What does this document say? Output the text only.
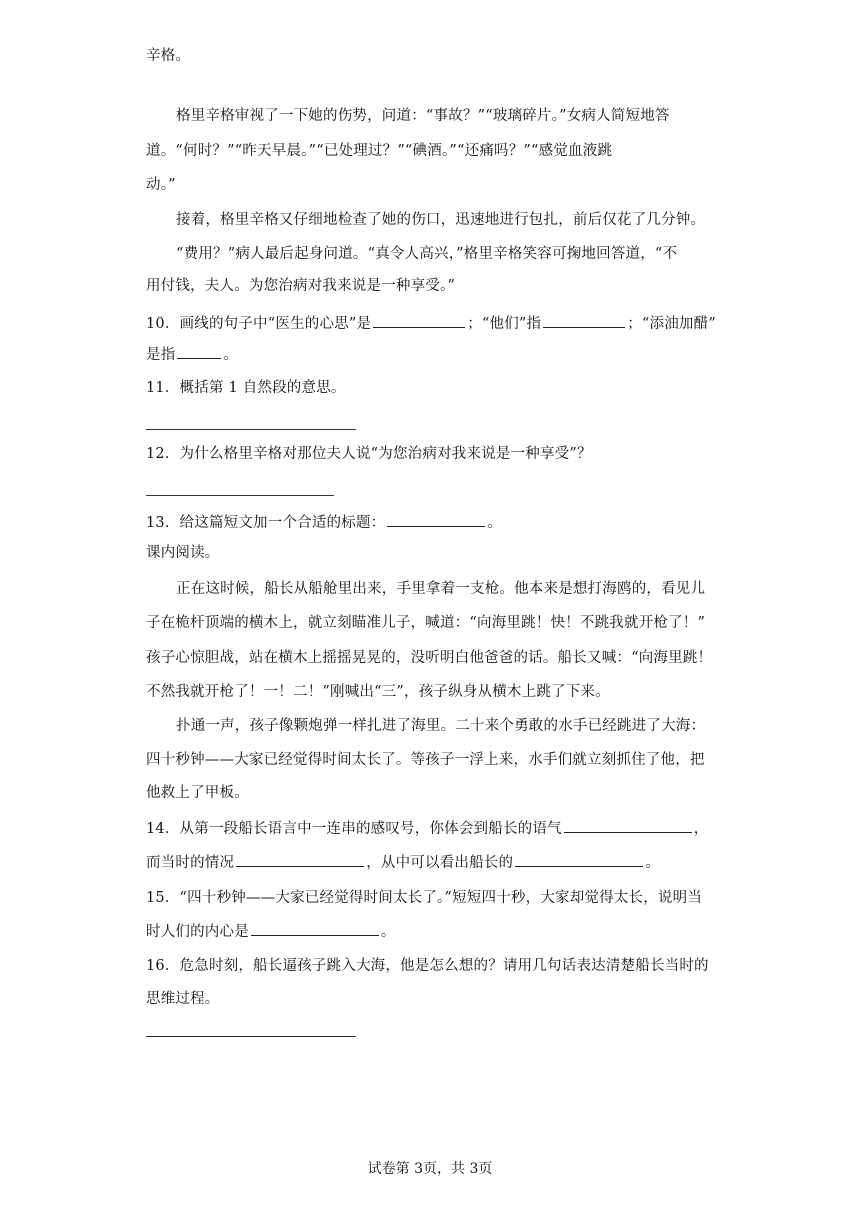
辛格。
格里辛格审视了一下她的伤势，问道：“事故？”“玻璃碎片。”女病人简短地答
道。“何时？”“昨天早晨。”“已处理过？”“碘酒。”“还痛吗？”“感觉血液跳
动。”
接着，格里辛格又仔细地检查了她的伤口，迅速地进行包扎，前后仅花了几分钟。
“费用？”病人最后起身问道。“真令人高兴，”格里辛格笑容可掬地回答道，“不
用付钱，夫人。为您治病对我来说是一种享受。”
10．画线的句子中“医生的心思”是	；“他们”指	；“添油加醋”
是指	。
11．概括第 1 自然段的意思。
12．为什么格里辛格对那位夫人说“为您治病对我来说是一种享受”？
13．给这篇短文加一个合适的标题：	。
课内阅读。
正在这时候，船长从船舱里出来，手里拿着一支枪。他本来是想打海鸥的，看见儿
子在桅杆顶端的横木上，就立刻瞄准儿子，喊道：“向海里跳！快！不跳我就开枪了！”
孩子心惊胆战，站在横木上摇摇晃晃的，没听明白他爸爸的话。船长又喊：“向海里跳！
不然我就开枪了！一！二！”刚喊出“三”，孩子纵身从横木上跳了下来。
扑通一声，孩子像颗炮弹一样扎进了海里。二十来个勇敢的水手已经跳进了大海：
四十秒钟——大家已经觉得时间太长了。等孩子一浮上来，水手们就立刻抓住了他，把
他救上了甲板。
14．从第一段船长语言中一连串的感叹号，你体会到船长的语气	，
而当时的情况	，从中可以看出船长的	。
15．“四十秒钟——大家已经觉得时间太长了。”短短四十秒，大家却觉得太长，说明当
时人们的内心是	。
16．危急时刻，船长逼孩子跳入大海，他是怎么想的？请用几句话表达清楚船长当时的
思维过程。
试卷第 3页，共 3页
